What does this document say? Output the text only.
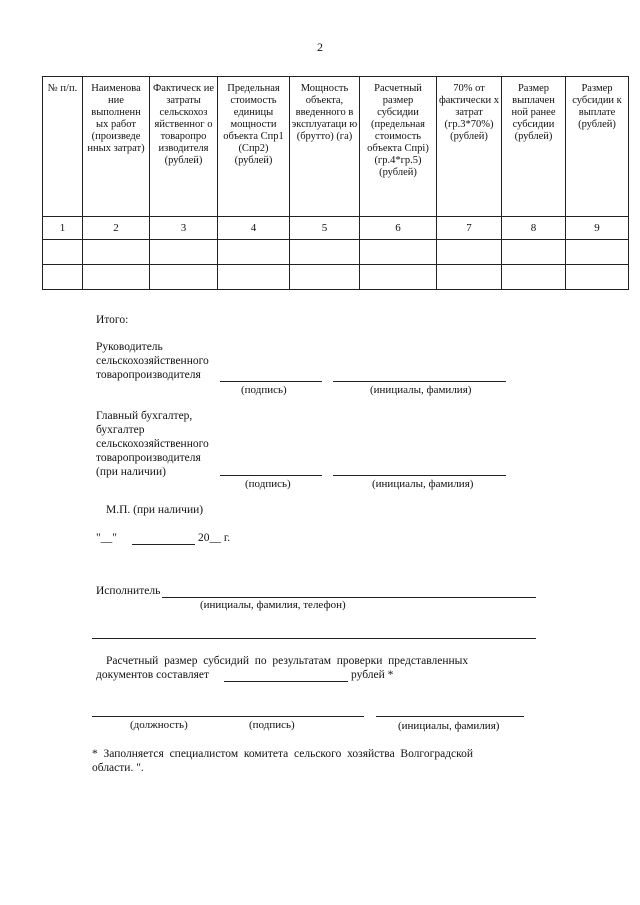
2
№ п/п.	Наименова ние выполненн ых работ (произведе нных затрат)	Фактическ ие затраты сельскохоз яйственног о товаропро изводителя (рублей)	Предельная стоимость единицы мощности объекта Спр1 (Спр2) (рублей)	Мощность объекта, введенного в эксплуатаци ю (брутто) (га)	Расчетный размер субсидии (предельная стоимость объекта Спрi) (гр.4*гр.5) (рублей)	70% от фактически х затрат (гр.3*70%) (рублей)	Размер выплачен ной ранее субсидии (рублей)	Размер субсидии к выплате (рублей)
1	2	3	4	5	6	7	8	9

Итого:
Руководитель
сельскохозяйственного
товаропроизводителя
(подпись)	(инициалы, фамилия)
Главный бухгалтер,
бухгалтер
сельскохозяйственного
товаропроизводителя
(при наличии)
(подпись)	(инициалы, фамилия)
М.П. (при наличии)
"__"	20__ г.
Исполнитель
(инициалы, фамилия, телефон)
Расчетный  размер  субсидий  по  результатам  проверки  представленных
документов составляет	рублей *
(должность)	(подпись)	(инициалы, фамилия)
*  Заполняется  специалистом  комитета  сельского  хозяйства  Волгоградской
области. ".
